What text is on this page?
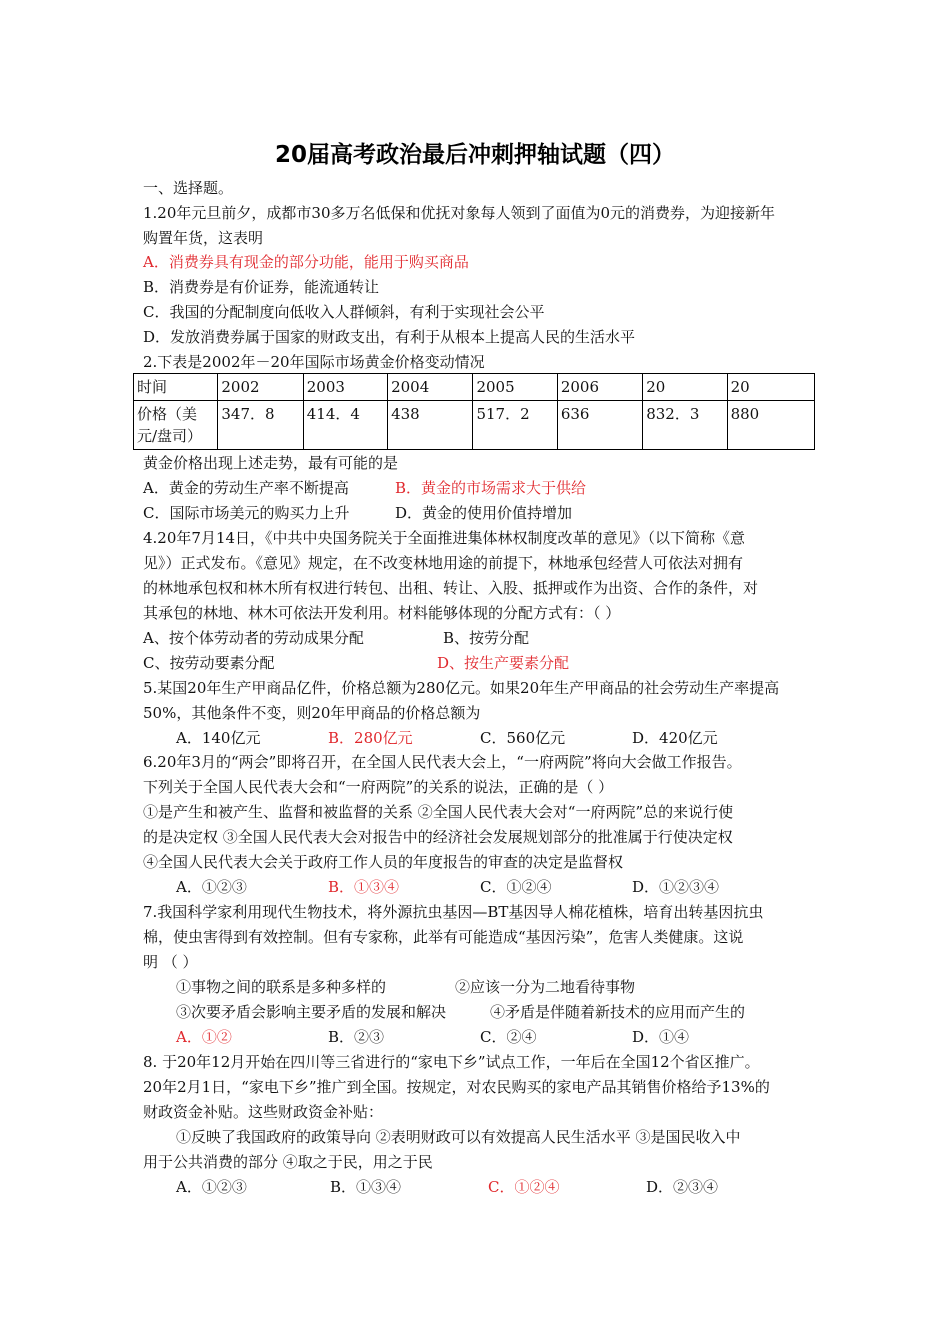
20届高考政治最后冲刺押轴试题（四）
一、选择题。
1.20年元旦前夕，成都市30多万名低保和优抚对象每人领到了面值为0元的消费券，为迎接新年
购置年货，这表明
A．消费券具有现金的部分功能，能用于购买商品
B．消费券是有价证券，能流通转让
C．我国的分配制度向低收入人群倾斜，有利于实现社会公平
D．发放消费券属于国家的财政支出，有利于从根本上提高人民的生活水平
2.下表是2002年－20年国际市场黄金价格变动情况
时间	2002	2003	2004	2005	2006	20	20
价格（美元/盘司）	347．8	414．4	438	517．2	636	832．3	880
黄金价格出现上述走势，最有可能的是
A．黄金的劳动生产率不断提高	B．黄金的市场需求大于供给
C．国际市场美元的购买力上升	D．黄金的使用价值持增加
4.20年7月14日，《中共中央国务院关于全面推进集体林权制度改革的意见》（以下简称《意
见》）正式发布。《意见》规定，在不改变林地用途的前提下，林地承包经营人可依法对拥有
的林地承包权和林木所有权进行转包、出租、转让、入股、抵押或作为出资、合作的条件，对
其承包的林地、林木可依法开发利用。材料能够体现的分配方式有：（ ）
A、按个体劳动者的劳动成果分配	B、按劳分配
C、按劳动要素分配	D、按生产要素分配
5.某国20年生产甲商品亿件，价格总额为280亿元。如果20年生产甲商品的社会劳动生产率提高
50%，其他条件不变，则20年甲商品的价格总额为
A．140亿元	B．280亿元	C．560亿元	D．420亿元
6.20年3月的“两会”即将召开，在全国人民代表大会上，“一府两院”将向大会做工作报告。
下列关于全国人民代表大会和“一府两院”的关系的说法，正确的是（ ）
①是产生和被产生、监督和被监督的关系 ②全国人民代表大会对“一府两院”总的来说行使
的是决定权 ③全国人民代表大会对报告中的经济社会发展规划部分的批准属于行使决定权
④全国人民代表大会关于政府工作人员的年度报告的审查的决定是监督权
A．①②③	B．①③④	C．①②④	D．①②③④
7.我国科学家利用现代生物技术，将外源抗虫基因—BT基因导人棉花植株，培育出转基因抗虫
棉，使虫害得到有效控制。但有专家称，此举有可能造成“基因污染”，危害人类健康。这说
明 （ ）
①事物之间的联系是多种多样的	②应该一分为二地看待事物
③次要矛盾会影响主要矛盾的发展和解决	④矛盾是伴随着新技术的应用而产生的
A．①②	B．②③	C．②④	D．①④
8. 于20年12月开始在四川等三省进行的“家电下乡”试点工作，一年后在全国12个省区推广。
20年2月1日，“家电下乡”推广到全国。按规定，对农民购买的家电产品其销售价格给予13%的
财政资金补贴。这些财政资金补贴：
①反映了我国政府的政策导向 ②表明财政可以有效提高人民生活水平 ③是国民收入中
用于公共消费的部分 ④取之于民，用之于民
A．①②③	B．①③④	C．①②④	D．②③④
